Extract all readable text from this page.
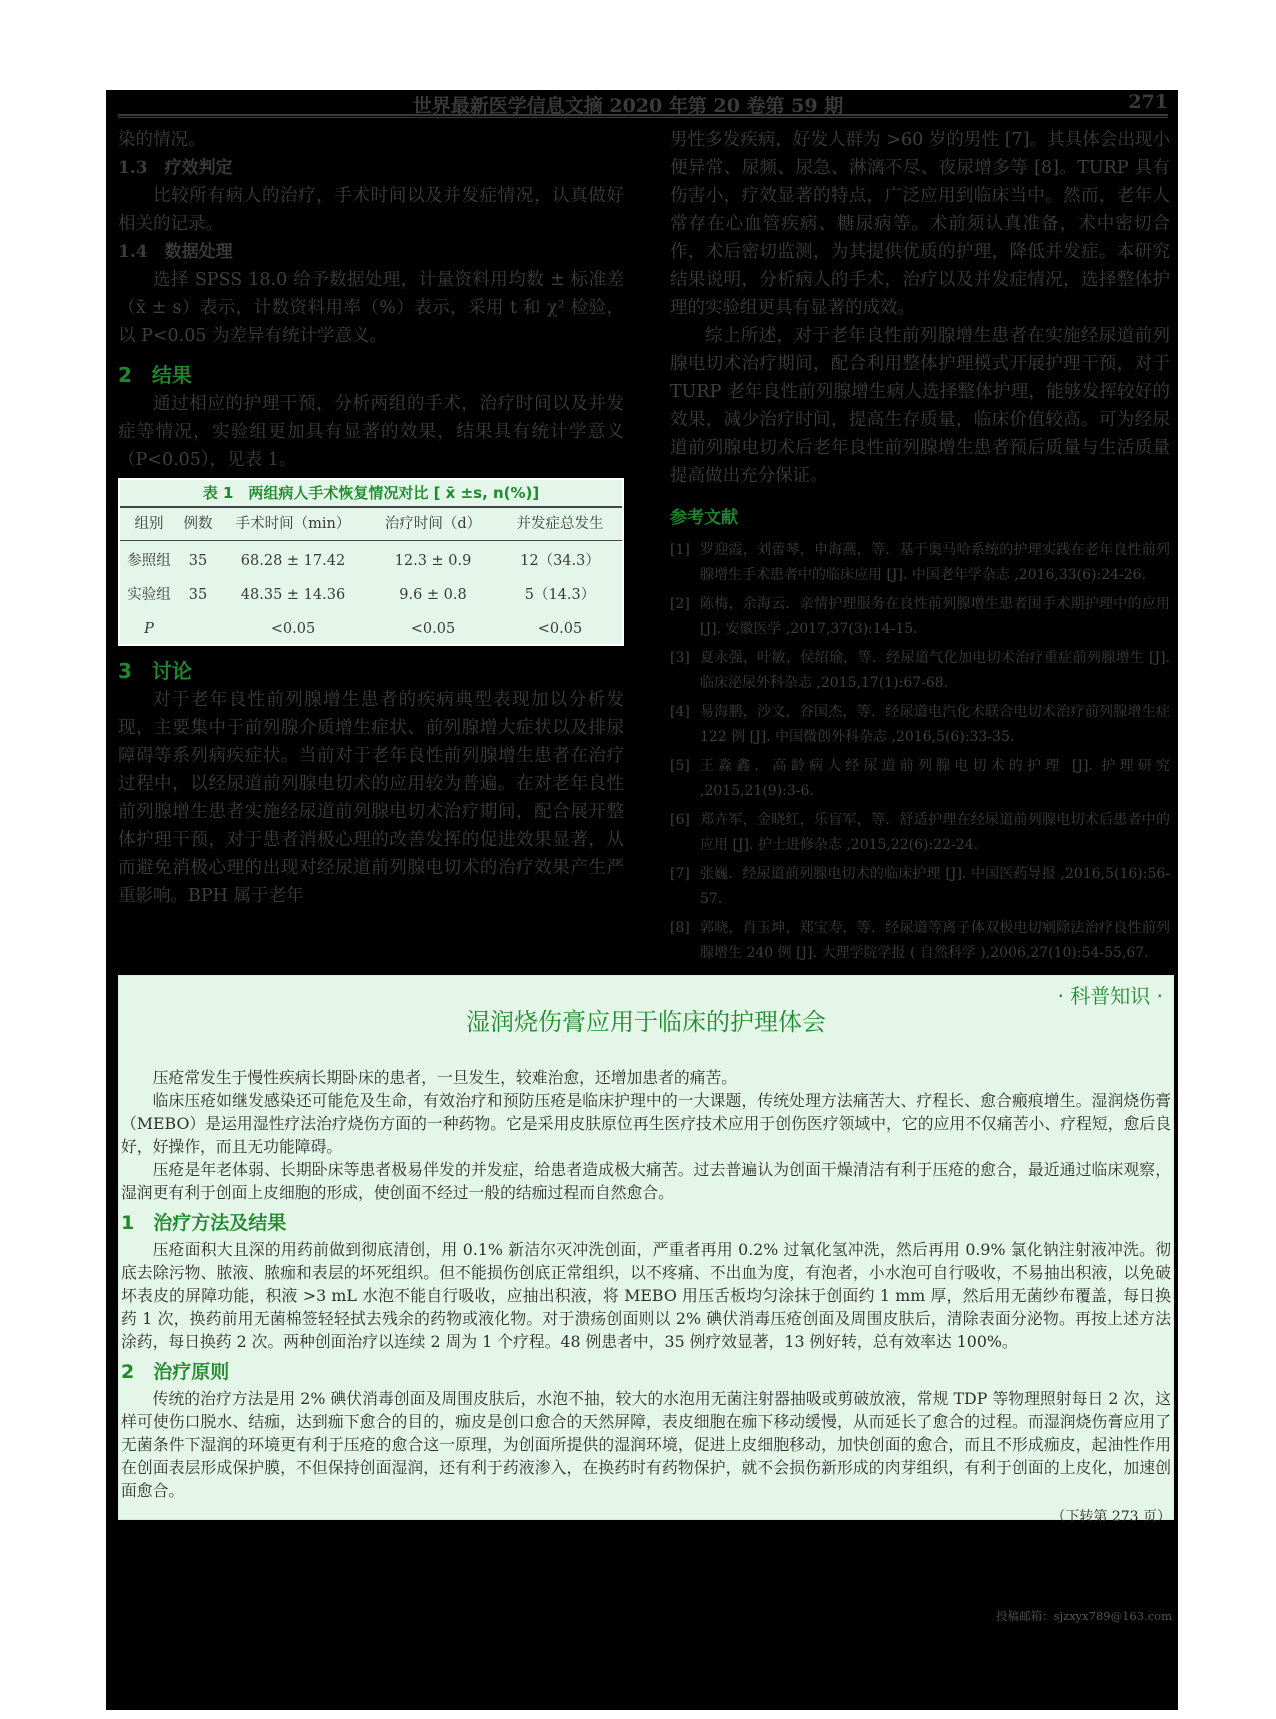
世界最新医学信息文摘 2020 年第 20 卷第 59 期	271

染的情况。

1.3　疗效判定

比较所有病人的治疗，手术时间以及并发症情况，认真做好相关的记录。

1.4　数据处理

选择 SPSS 18.0 给予数据处理，计量资料用均数 ± 标准差（x̄ ± s）表示，计数资料用率（%）表示，采用 t 和 χ² 检验，以 P<0.05 为差异有统计学意义。

2　结果

通过相应的护理干预，分析两组的手术，治疗时间以及并发症等情况，实验组更加具有显著的效果，结果具有统计学意义（P<0.05），见表 1。

表 1　两组病人手术恢复情况对比 [ x̄ ±s, n(%)]
组别	例数	手术时间（min）	治疗时间（d）	并发症总发生
参照组	35	68.28 ± 17.42	12.3 ± 0.9	12（34.3）
实验组	35	48.35 ± 14.36	9.6 ± 0.8	5（14.3）
P		<0.05	<0.05	<0.05
3　讨论

对于老年良性前列腺增生患者的疾病典型表现加以分析发现，主要集中于前列腺介质增生症状、前列腺增大症状以及排尿障碍等系列病疾症状。当前对于老年良性前列腺增生患者在治疗过程中，以经尿道前列腺电切术的应用较为普遍。在对老年良性前列腺增生患者实施经尿道前列腺电切术治疗期间，配合展开整体护理干预，对于患者消极心理的改善发挥的促进效果显著，从而避免消极心理的出现对经尿道前列腺电切术的治疗效果产生严重影响。BPH 属于老年

男性多发疾病，好发人群为 >60 岁的男性 [7]。其具体会出现小便异常、尿频、尿急、淋漓不尽、夜尿增多等 [8]。TURP 具有伤害小，疗效显著的特点，广泛应用到临床当中。然而，老年人常存在心血管疾病、糖尿病等。术前须认真准备，术中密切合作，术后密切监测，为其提供优质的护理，降低并发症。本研究结果说明，分析病人的手术，治疗以及并发症情况，选择整体护理的实验组更具有显著的成效。

综上所述，对于老年良性前列腺增生患者在实施经尿道前列腺电切术治疗期间，配合利用整体护理模式开展护理干预，对于 TURP 老年良性前列腺增生病人选择整体护理，能够发挥较好的效果，减少治疗时间，提高生存质量，临床价值较高。可为经尿道前列腺电切术后老年良性前列腺增生患者预后质量与生活质量提高做出充分保证。

参考文献
[1] 罗迎霞，刘蕾琴，申海燕，等．基于奥马哈系统的护理实践在老年良性前列腺增生手术患者中的临床应用 [J]. 中国老年学杂志 ,2016,33(6):24-26.
[2] 陈梅，余海云．亲情护理服务在良性前列腺增生患者围手术期护理中的应用 [J]. 安徽医学 ,2017,37(3):14-15.
[3] 夏永强，叶敏，侯绍瑜，等．经尿道气化加电切术治疗重症前列腺增生 [J]. 临床泌尿外科杂志 ,2015,17(1):67-68.
[4] 易海鹏，沙文，谷国杰，等．经尿道电汽化术联合电切术治疗前列腺增生症 122 例 [J]. 中国微创外科杂志 ,2016,5(6):33-35.
[5] 王淼鑫．高龄病人经尿道前列腺电切术的护理 [J]. 护理研究 ,2015,21(9):3-6.
[6] 郑卉军，金晓红，乐盲军，等．舒适护理在经尿道前列腺电切术后患者中的应用 [J]. 护士进修杂志 ,2015,22(6):22-24.
[7] 张巍．经尿道前列腺电切术的临床护理 [J]. 中国医药导报 ,2016,5(16):56-57.
[8] 郭晓，肖玉坤，郑宝寿，等．经尿道等离子体双极电切剜除法治疗良性前列腺增生 240 例 [J]. 大理学院学报 ( 自然科学 ),2006,27(10):54-55,67.
· 科普知识 ·
湿润烧伤膏应用于临床的护理体会

压疮常发生于慢性疾病长期卧床的患者，一旦发生，较难治愈，还增加患者的痛苦。

临床压疮如继发感染还可能危及生命，有效治疗和预防压疮是临床护理中的一大课题，传统处理方法痛苦大、疗程长、愈合瘢痕增生。湿润烧伤膏（MEBO）是运用湿性疗法治疗烧伤方面的一种药物。它是采用皮肤原位再生医疗技术应用于创伤医疗领域中，它的应用不仅痛苦小、疗程短，愈后良好，好操作，而且无功能障碍。

压疮是年老体弱、长期卧床等患者极易伴发的并发症，给患者造成极大痛苦。过去普遍认为创面干燥清洁有利于压疮的愈合，最近通过临床观察，湿润更有利于创面上皮细胞的形成，使创面不经过一般的结痂过程而自然愈合。

1　治疗方法及结果

压疮面积大且深的用药前做到彻底清创，用 0.1% 新洁尔灭冲洗创面，严重者再用 0.2% 过氧化氢冲洗，然后再用 0.9% 氯化钠注射液冲洗。彻底去除污物、脓液、脓痂和表层的坏死组织。但不能损伤创底正常组织，以不疼痛、不出血为度，有泡者，小水泡可自行吸收，不易抽出积液，以免破坏表皮的屏障功能，积液 >3 mL 水泡不能自行吸收，应抽出积液，将 MEBO 用压舌板均匀涂抹于创面约 1 mm 厚，然后用无菌纱布覆盖，每日换药 1 次，换药前用无菌棉签轻轻拭去残余的药物或液化物。对于溃疡创面则以 2% 碘伏消毒压疮创面及周围皮肤后，清除表面分泌物。再按上述方法涂药，每日换药 2 次。两种创面治疗以连续 2 周为 1 个疗程。48 例患者中，35 例疗效显著，13 例好转，总有效率达 100%。

2　治疗原则

传统的治疗方法是用 2% 碘伏消毒创面及周围皮肤后，水泡不抽，较大的水泡用无菌注射器抽吸或剪破放液，常规 TDP 等物理照射每日 2 次，这样可使伤口脱水、结痂，达到痂下愈合的目的，痂皮是创口愈合的天然屏障，表皮细胞在痂下移动缓慢，从而延长了愈合的过程。而湿润烧伤膏应用了无菌条件下湿润的环境更有利于压疮的愈合这一原理，为创面所提供的湿润环境，促进上皮细胞移动，加快创面的愈合，而且不形成痂皮，起油性作用在创面表层形成保护膜，不但保持创面湿润，还有利于药液渗入，在换药时有药物保护，就不会损伤新形成的肉芽组织，有利于创面的上皮化，加速创面愈合。

（下转第 273 页）
投稿邮箱：sjzxyx789@163.com
